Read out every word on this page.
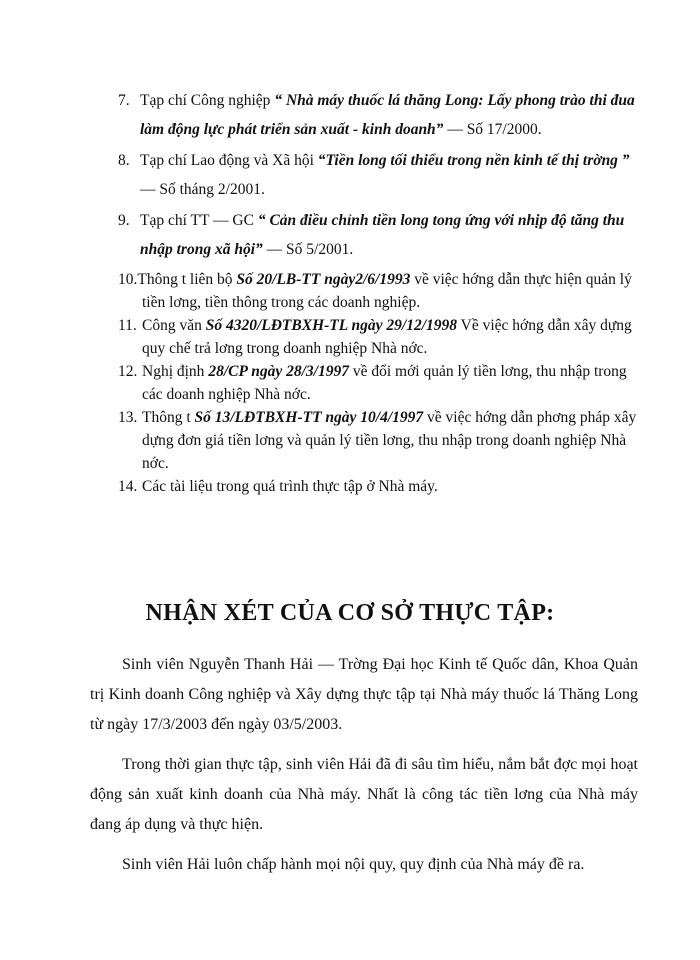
7. Tạp chí Công nghiệp “ Nhà máy thuốc lá thăng Long: Lấy phong trào thi đua làm động lực phát triển sản xuất - kinh doanh” — Số 17/2000.
8. Tạp chí Lao động và Xã hội “Tiền long tối thiểu trong nền kinh tế thị trờng ” — Số tháng 2/2001.
9. Tạp chí TT — GC “ Cản điều chỉnh tiền long tong ứng với nhịp độ tăng thu nhập trong xã hội” — Số 5/2001.
10.Thông t liên bộ Số 20/LB-TT ngày2/6/1993 về việc hớng dẫn thực hiện quản lý tiền lơng, tiền thông trong các doanh nghiệp.
11. Công văn Số 4320/LĐTBXH-TL ngày 29/12/1998 Về việc hớng dẫn xây dựng quy chế trả lơng trong doanh nghiệp Nhà nớc.
12. Nghị định 28/CP ngày 28/3/1997 về đổi mới quản lý tiền lơng, thu nhập trong các doanh nghiệp Nhà nớc.
13. Thông t Số 13/LĐTBXH-TT ngày 10/4/1997 về việc hớng dẫn phơng pháp xây dựng đơn giá tiền lơng và quản lý tiền lơng, thu nhập trong doanh nghiệp Nhà nớc.
14. Các tài liệu trong quá trình thực tập ở Nhà máy.
NHẬN XÉT CỦA CƠ SỞ THỰC TẬP:

Sinh viên Nguyễn Thanh Hải — Trờng Đại học Kinh tế Quốc dân, Khoa Quản trị Kinh doanh Công nghiệp và Xây dựng thực tập tại Nhà máy thuốc lá Thăng Long từ ngày 17/3/2003 đến ngày 03/5/2003.

Trong thời gian thực tập, sinh viên Hải đã đi sâu tìm hiểu, nắm bắt đợc mọi hoạt động sản xuất kinh doanh của Nhà máy. Nhất là công tác tiền lơng của Nhà máy đang áp dụng và thực hiện.

Sinh viên Hải luôn chấp hành mọi nội quy, quy định của Nhà máy đề ra.
